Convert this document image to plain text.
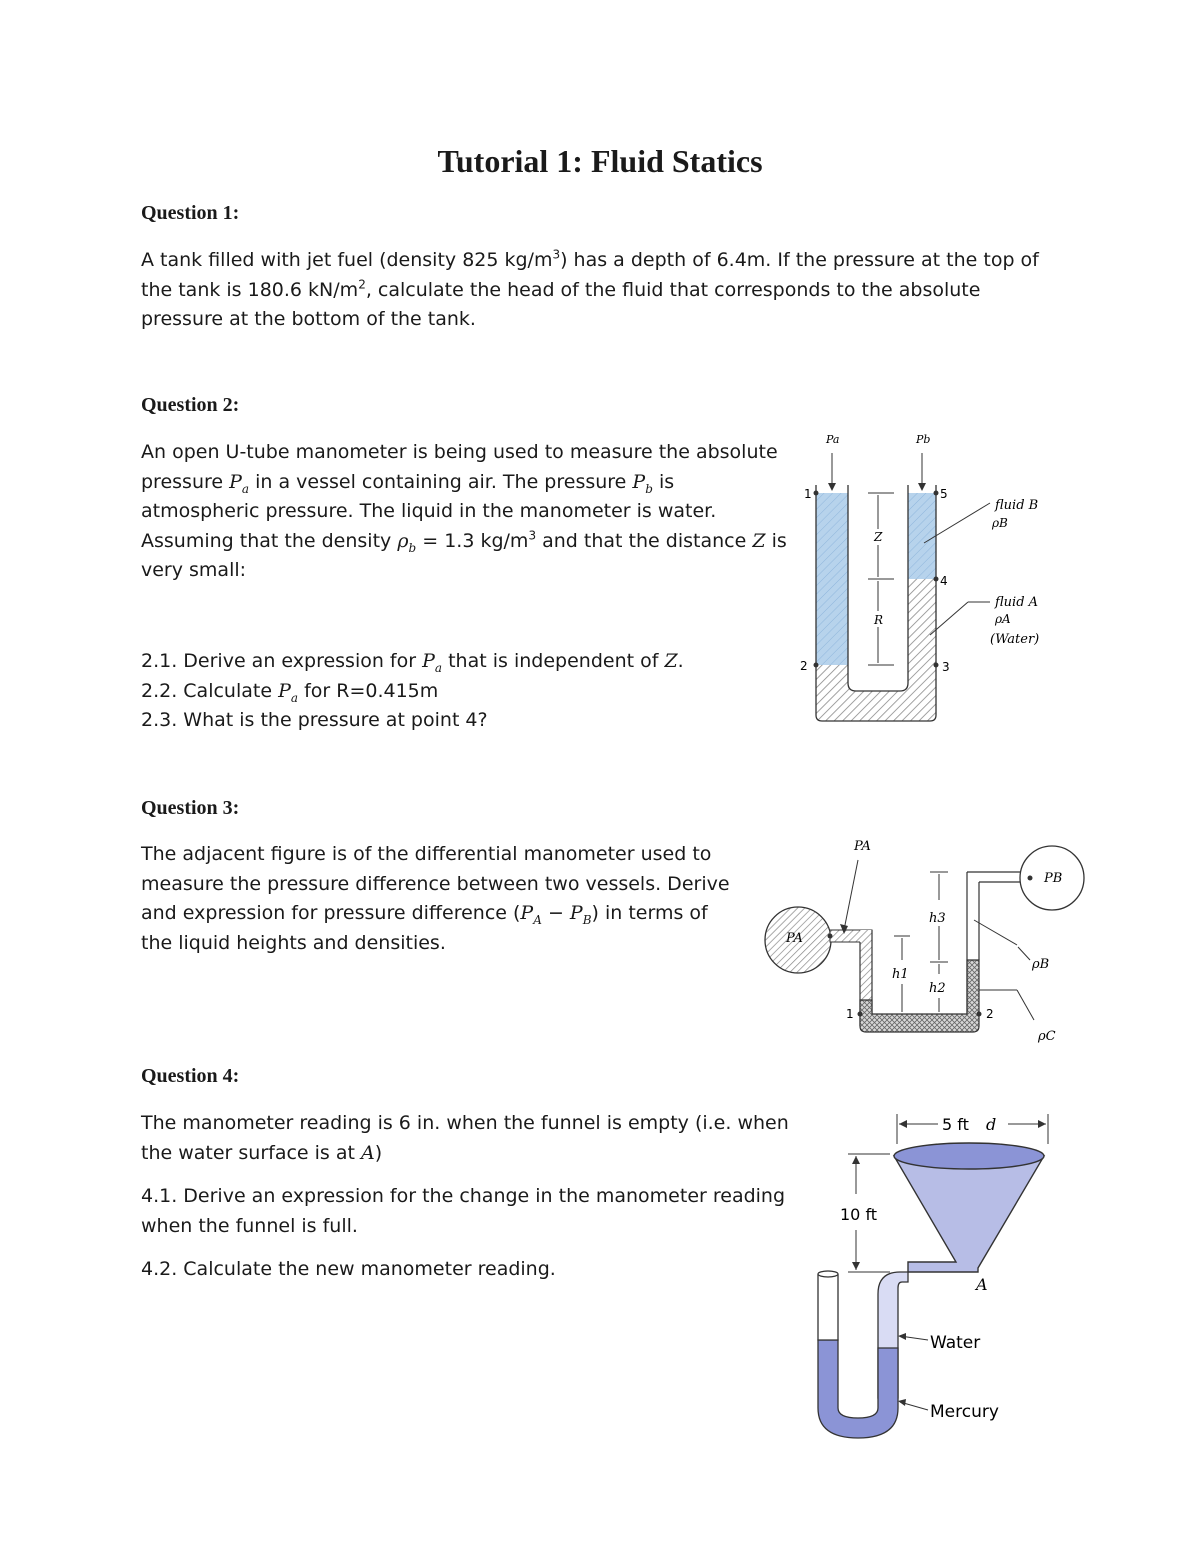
Tutorial 1: Fluid Statics
Question 1:

A tank filled with jet fuel (density 825 $kg/m^3$) has a depth of 6.4m. If the pressure at the top of the tank is 180.6 $kN/m^2$, calculate the head of the fluid that corresponds to the absolute pressure at the bottom of the tank.

Question 2:

An open U-tube manometer is being used to measure the absolute pressure $P_a$ in a vessel containing air. The pressure $P_b$ is atmospheric pressure. The liquid in the manometer is water. Assuming that the density $\rho_b = 1.3$ $kg/m^3$ and that the distance Z is very small:

2.1. Derive an expression for $P_a$ that is independent of Z.

2.2. Calculate $P_a$ for R=0.415m

2.3. What is the pressure at point 4?

Pa	Pb
1	5
4
2	3
Z
R
fluid B
ρB
fluid A
ρA
(Water)
Question 3:

The adjacent figure is of the differential manometer used to measure the pressure difference between two vessels. Derive and expression for pressure difference $(P_A - P_B)$ in terms of the liquid heights and densities.	PA
PB
PA
h3
h1
h2
1	2
ρB
ρC
Question 4:

The manometer reading is 6 in. when the funnel is empty (i.e. when the water surface is at A)

4.1. Derive an expression for the change in the manometer reading when the funnel is full.

4.2. Calculate the new manometer reading.

5 ft d
10 ft
A
Water
Mercury
